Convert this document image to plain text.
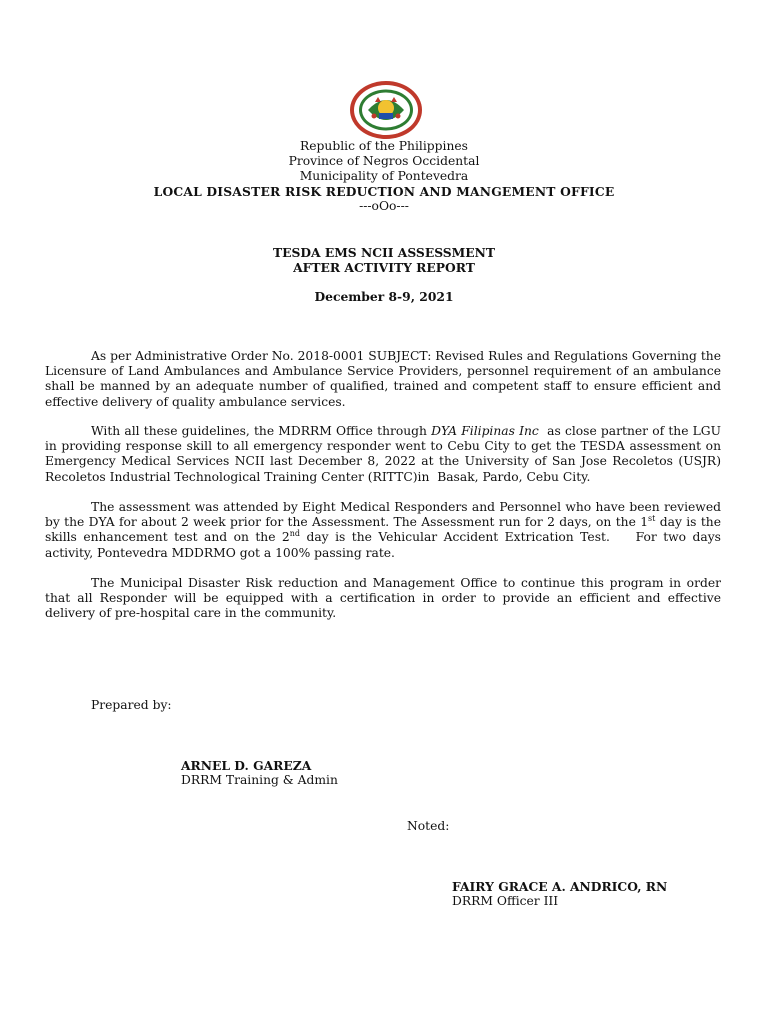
Republic of the Philippines
Province of Negros Occidental
Municipality of Pontevedra
LOCAL DISASTER RISK REDUCTION AND MANGEMENT OFFICE
---oOo---
TESDA EMS NCII ASSESSMENT
AFTER ACTIVITY REPORT
December 8-9, 2021
As per Administrative Order No. 2018-0001 SUBJECT: Revised Rules and Regulations Governing the Licensure of Land Ambulances and Ambulance Service Providers, personnel requirement of an ambulance shall be manned by an adequate number of qualified, trained and competent staff to ensure efficient and effective delivery of quality ambulance services.
With all these guidelines, the MDRRM Office through DYA Filipinas Inc  as close partner of the LGU in providing response skill to all emergency responder went to Cebu City to get the TESDA assessment on Emergency Medical Services NCII last December 8, 2022 at the University of San Jose Recoletos (USJR) Recoletos Industrial Technological Training Center (RITTC)in  Basak, Pardo, Cebu City.
The assessment was attended by Eight Medical Responders and Personnel who have been reviewed by the DYA for about 2 week prior for the Assessment. The Assessment run for 2 days, on the 1st day is the skills enhancement test and on the 2nd day is the Vehicular Accident Extrication Test.    For two days activity, Pontevedra MDDRMO got a 100% passing rate.
The Municipal Disaster Risk reduction and Management Office to continue this program in order that all Responder will be equipped with a certification in order to provide an efficient and effective delivery of pre-hospital care in the community.
Prepared by:
ARNEL D. GAREZA
DRRM Training & Admin
Noted:
FAIRY GRACE A. ANDRICO, RN
DRRM Officer III
